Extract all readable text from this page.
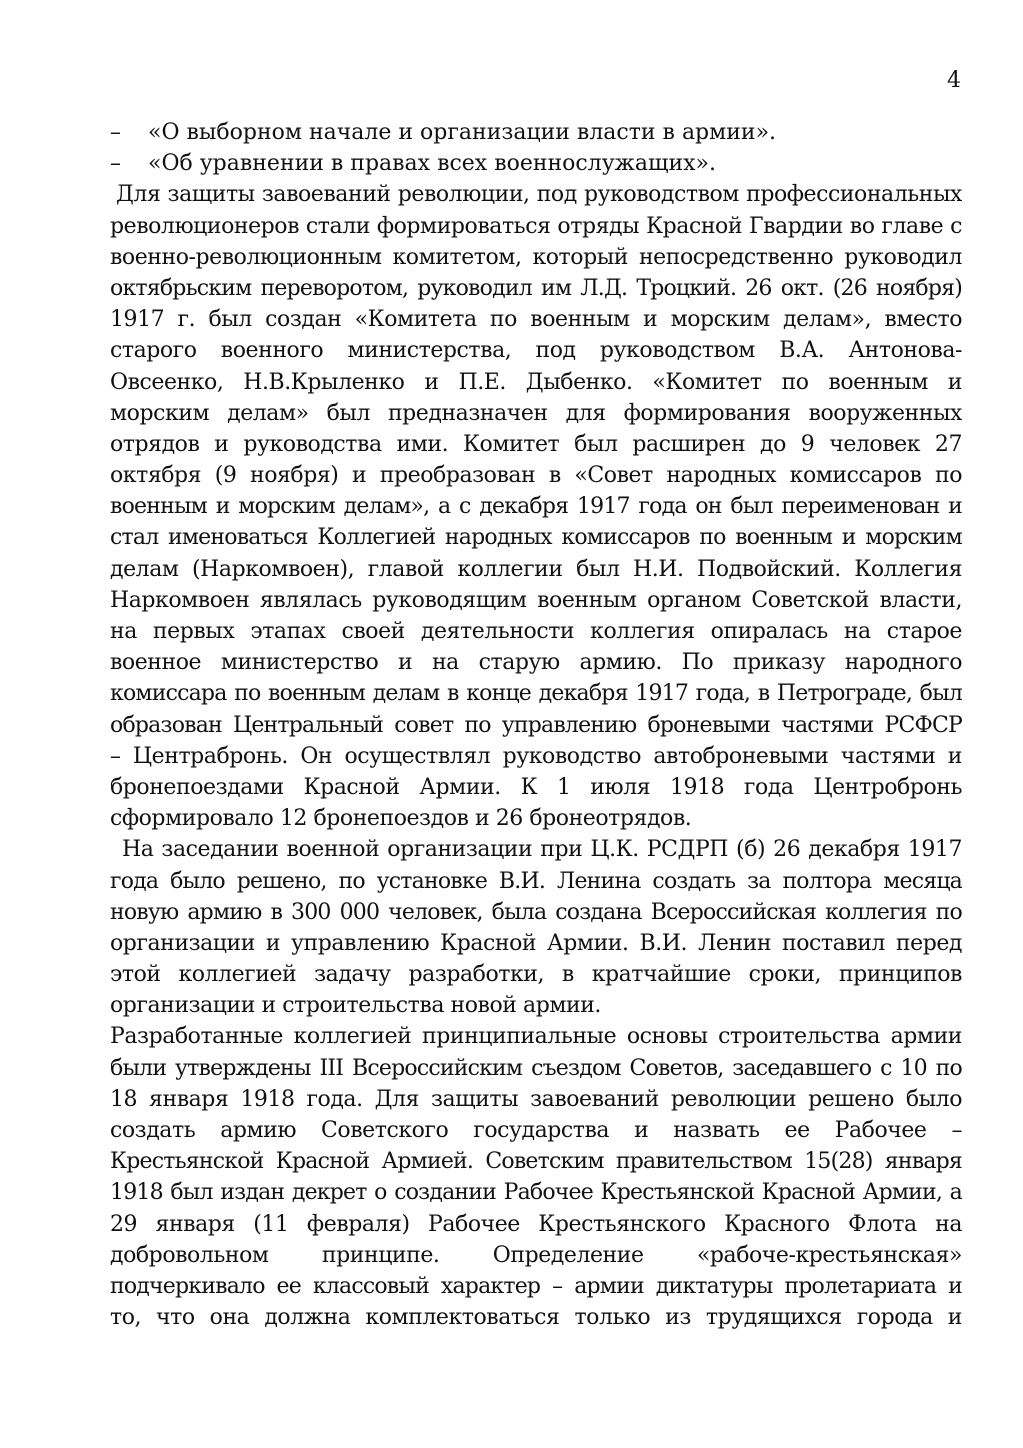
4
–	«О выборном начале и организации власти в армии».
–	«Об уравнении в правах всех военнослужащих».
Для защиты завоеваний революции, под руководством профессиональных
революционеров стали формироваться отряды Красной Гвардии во главе с
военно-революционным комитетом, который непосредственно руководил
октябрьским переворотом, руководил им Л.Д. Троцкий. 26 окт. (26 ноября)
1917 г. был создан «Комитета по военным и морским делам», вместо
старого военного министерства, под руководством В.А. Антонова-
Овсеенко, Н.В.Крыленко и П.Е. Дыбенко. «Комитет по военным и
морским делам» был предназначен для формирования вооруженных
отрядов и руководства ими. Комитет был расширен до 9 человек 27
октября (9 ноября) и преобразован в «Совет народных комиссаров по
военным и морским делам», а с декабря 1917 года он был переименован и
стал именоваться Коллегией народных комиссаров по военным и морским
делам (Наркомвоен), главой коллегии был Н.И. Подвойский. Коллегия
Наркомвоен являлась руководящим военным органом Советской власти,
на первых этапах своей деятельности коллегия опиралась на старое
военное министерство и на старую армию. По приказу народного
комиссара по военным делам в конце декабря 1917 года, в Петрограде, был
образован Центральный совет по управлению броневыми частями РСФСР
– Центрабронь. Он осуществлял руководство автоброневыми частями и
бронепоездами Красной Армии. К 1 июля 1918 года Центробронь
сформировало 12 бронепоездов и 26 бронеотрядов.
На заседании военной организации при Ц.К. РСДРП (б) 26 декабря 1917
года было решено, по установке В.И. Ленина создать за полтора месяца
новую армию в 300 000 человек, была создана Всероссийская коллегия по
организации и управлению Красной Армии. В.И. Ленин поставил перед
этой коллегией задачу разработки, в кратчайшие сроки, принципов
организации и строительства новой армии.
Разработанные коллегией принципиальные основы строительства армии
были утверждены III Всероссийским съездом Советов, заседавшего с 10 по
18 января 1918 года. Для защиты завоеваний революции решено было
создать армию Советского государства и назвать ее Рабочее –
Крестьянской Красной Армией. Советским правительством 15(28) января
1918 был издан декрет о создании Рабочее Крестьянской Красной Армии, а
29 января (11 февраля) Рабочее Крестьянского Красного Флота на
добровольном принципе. Определение «рабоче-крестьянская»
подчеркивало ее классовый характер – армии диктатуры пролетариата и
то, что она должна комплектоваться только из трудящихся города и
